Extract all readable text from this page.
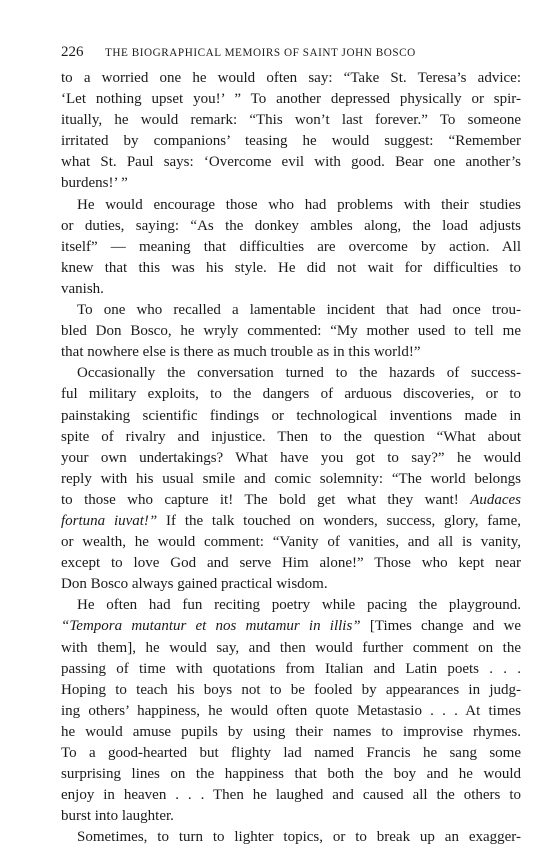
226	THE BIOGRAPHICAL MEMOIRS OF SAINT JOHN BOSCO

to a worried one he would often say: “Take St. Teresa’s advice:
‘Let nothing upset you!’ ” To another depressed physically or spir-
itually, he would remark: “This won’t last forever.” To someone
irritated by companions’ teasing he would suggest: “Remember
what St. Paul says: ‘Overcome evil with good. Bear one another’s
burdens!’ ”

He would encourage those who had problems with their studies
or duties, saying: “As the donkey ambles along, the load adjusts
itself” — meaning that difficulties are overcome by action. All
knew that this was his style. He did not wait for difficulties to
vanish.

To one who recalled a lamentable incident that had once trou-
bled Don Bosco, he wryly commented: “My mother used to tell me
that nowhere else is there as much trouble as in this world!”

Occasionally the conversation turned to the hazards of success-
ful military exploits, to the dangers of arduous discoveries, or to
painstaking scientific findings or technological inventions made in
spite of rivalry and injustice. Then to the question “What about
your own undertakings? What have you got to say?” he would
reply with his usual smile and comic solemnity: “The world belongs
to those who capture it! The bold get what they want! Audaces
fortuna iuvat!” If the talk touched on wonders, success, glory, fame,
or wealth, he would comment: “Vanity of vanities, and all is vanity,
except to love God and serve Him alone!” Those who kept near
Don Bosco always gained practical wisdom.

He often had fun reciting poetry while pacing the playground.
“Tempora mutantur et nos mutamur in illis” [Times change and we
with them], he would say, and then would further comment on the
passing of time with quotations from Italian and Latin poets . . .
Hoping to teach his boys not to be fooled by appearances in judg-
ing others’ happiness, he would often quote Metastasio . . . At times
he would amuse pupils by using their names to improvise rhymes.
To a good-hearted but flighty lad named Francis he sang some
surprising lines on the happiness that both the boy and he would
enjoy in heaven . . . Then he laughed and caused all the others to
burst into laughter.

Sometimes, to turn to lighter topics, or to break up an exagger-
